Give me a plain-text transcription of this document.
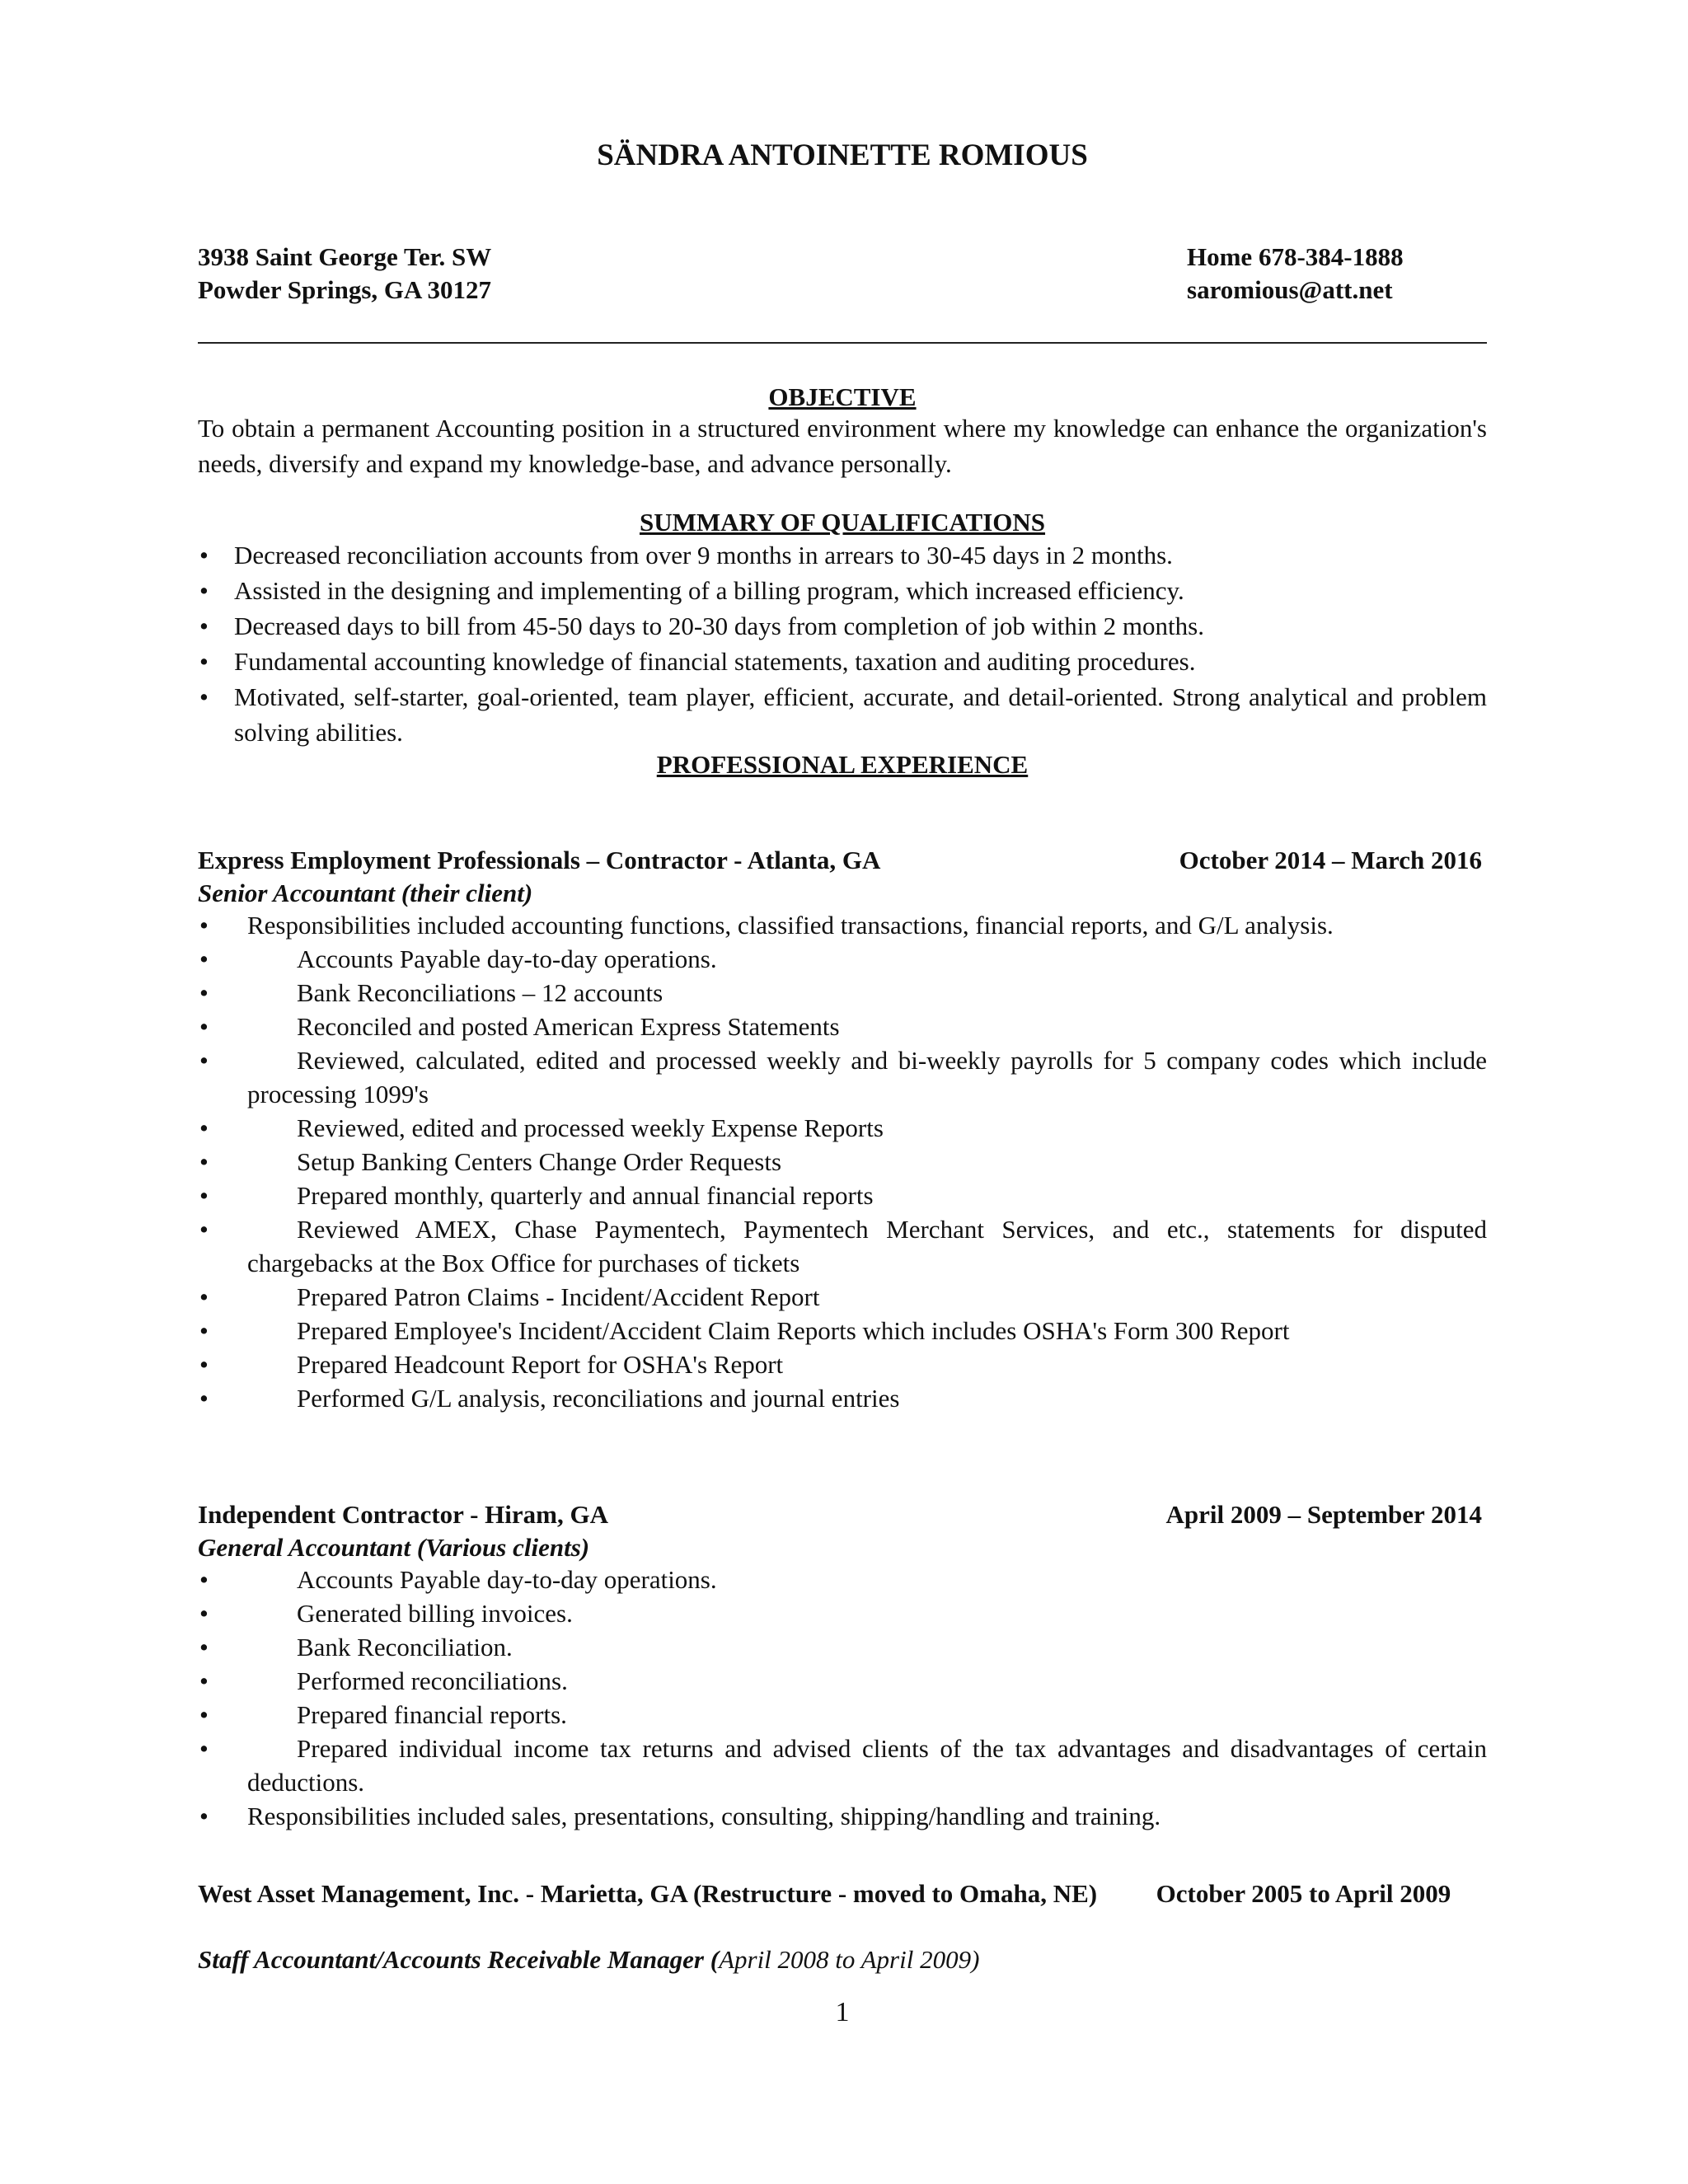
SÄNDRA ANTOINETTE ROMIOUS
3938 Saint George Ter. SW
Powder Springs, GA 30127
Home 678-384-1888
saromious@att.net
OBJECTIVE
To obtain a permanent Accounting position in a structured environment where my knowledge can enhance the organization's needs, diversify and expand my knowledge-base, and advance personally.
SUMMARY OF QUALIFICATIONS
• Decreased reconciliation accounts from over 9 months in arrears to 30-45 days in 2 months.
• Assisted in the designing and implementing of a billing program, which increased efficiency.
• Decreased days to bill from 45-50 days to 20-30 days from completion of job within 2 months.
• Fundamental accounting knowledge of financial statements, taxation and auditing procedures.
• Motivated, self-starter, goal-oriented, team player, efficient, accurate, and detail-oriented. Strong analytical and problem solving abilities.
PROFESSIONAL EXPERIENCE
Express Employment Professionals – Contractor - Atlanta, GA	October 2014 – March 2016
Senior Accountant (their client)
• Responsibilities included accounting functions, classified transactions, financial reports, and G/L analysis.
•	Accounts Payable day-to-day operations.
•	Bank Reconciliations – 12 accounts
•	Reconciled and posted American Express Statements
•	Reviewed, calculated, edited and processed weekly and bi-weekly payrolls for 5 company codes which include processing 1099's
•	Reviewed, edited and processed weekly Expense Reports
•	Setup Banking Centers Change Order Requests
•	Prepared monthly, quarterly and annual financial reports
•	Reviewed AMEX, Chase Paymentech, Paymentech Merchant Services, and etc., statements for disputed chargebacks at the Box Office for purchases of tickets
•	Prepared Patron Claims - Incident/Accident Report
•	Prepared Employee's Incident/Accident Claim Reports which includes OSHA's Form 300 Report
•	Prepared Headcount Report for OSHA's Report
•	Performed G/L analysis, reconciliations and journal entries
Independent Contractor - Hiram, GA	April 2009 – September 2014
General Accountant (Various clients)
•	Accounts Payable day-to-day operations.
•	Generated billing invoices.
•	Bank Reconciliation.
•	Performed reconciliations.
•	Prepared financial reports.
•	Prepared individual income tax returns and advised clients of the tax advantages and disadvantages of certain deductions.
• Responsibilities included sales, presentations, consulting, shipping/handling and training.
West Asset Management, Inc. - Marietta, GA (Restructure - moved to Omaha, NE) October 2005 to April 2009
Staff Accountant/Accounts Receivable Manager (April 2008 to April 2009)
1
